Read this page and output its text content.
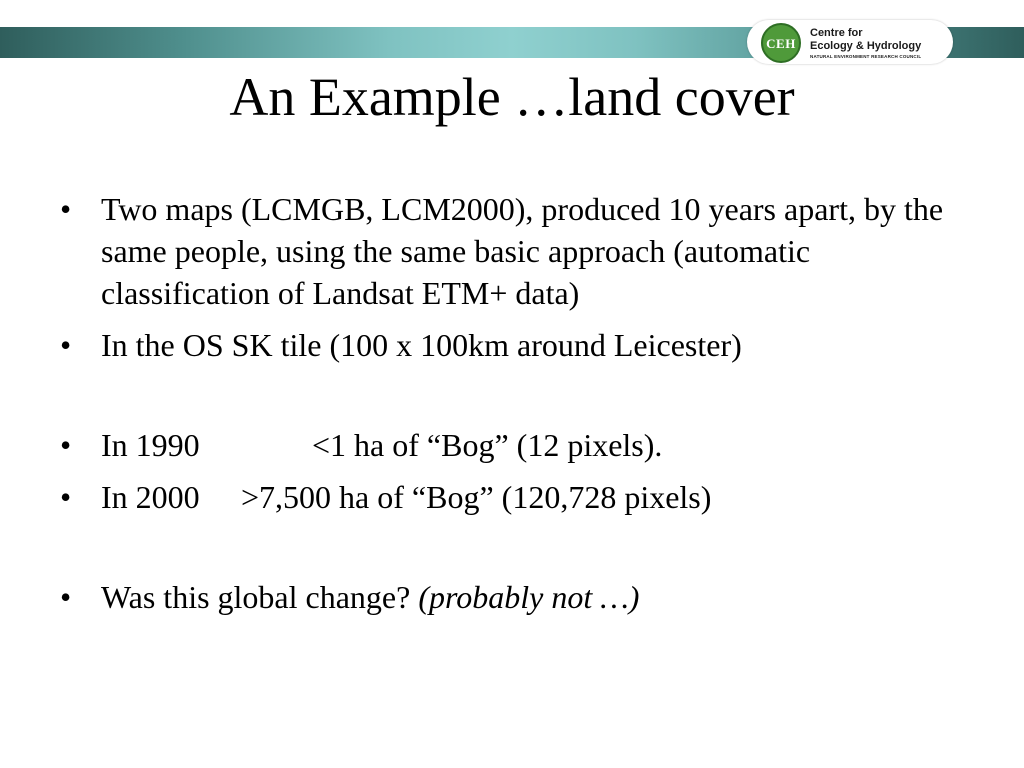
CEH
Centre for
Ecology & Hydrology
NATURAL ENVIRONMENT RESEARCH COUNCIL
An Example …land cover
• Two maps (LCMGB, LCM2000), produced 10 years apart, by the same people, using the same basic approach (automatic classification of Landsat ETM+ data)
• In the OS SK tile (100 x 100km around Leicester)
• In 1990	<1 ha of “Bog” (12 pixels).
• In 2000 >7,500 ha of “Bog” (120,728 pixels)
• Was this global change? (probably not …)
